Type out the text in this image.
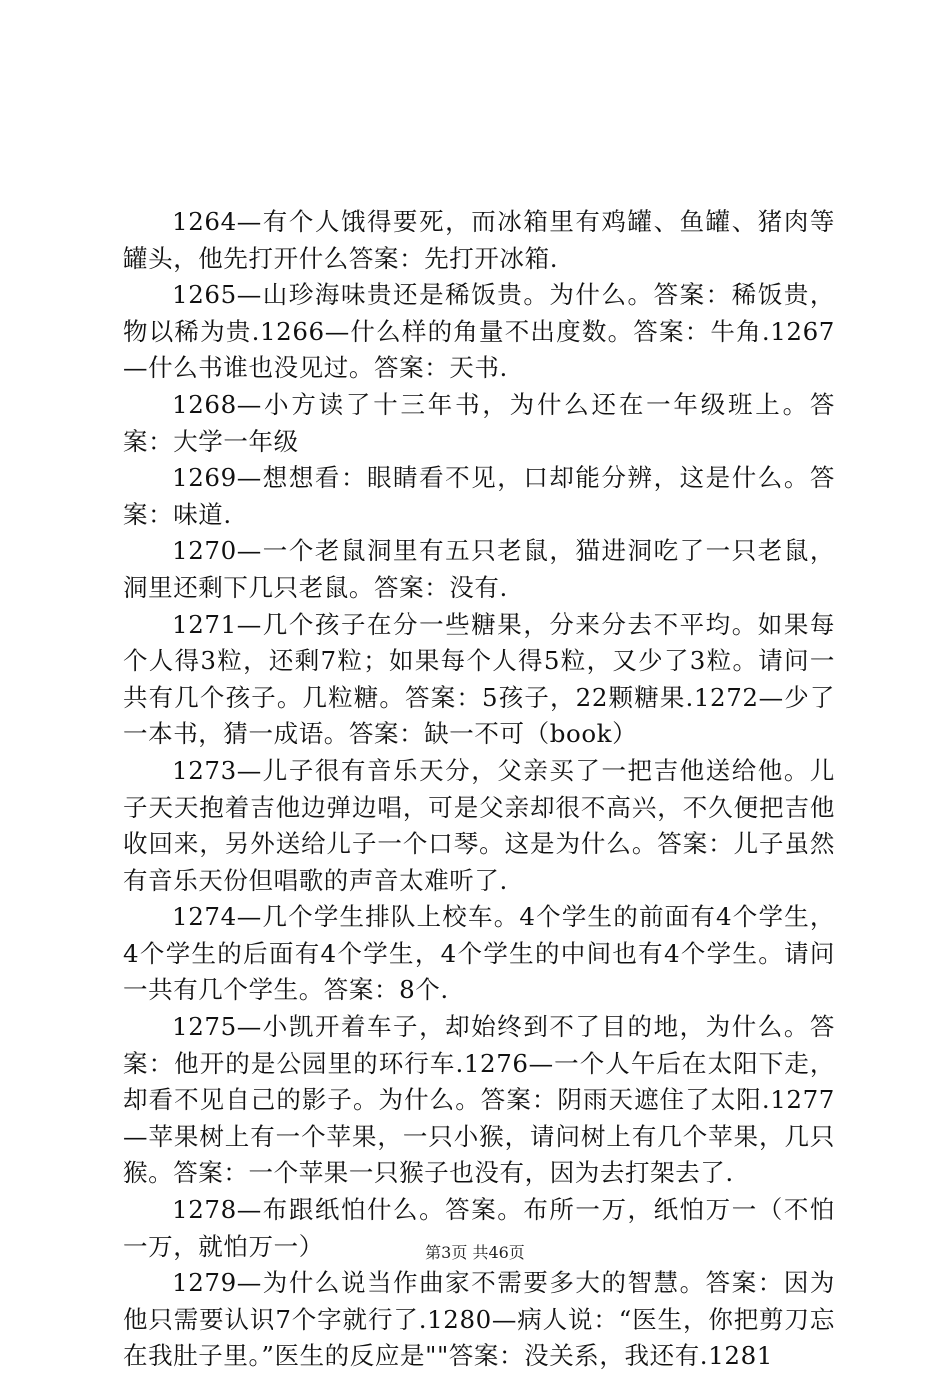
1264—有个人饿得要死，而冰箱里有鸡罐、鱼罐、猪肉等罐头，他先打开什么答案：先打开冰箱.

1265—山珍海味贵还是稀饭贵。为什么。答案：稀饭贵，物以稀为贵.1266—什么样的角量不出度数。答案：牛角.1267—什么书谁也没见过。答案：天书.

1268—小方读了十三年书，为什么还在一年级班上。答案：大学一年级

1269—想想看：眼睛看不见，口却能分辨，这是什么。答案：味道.

1270—一个老鼠洞里有五只老鼠，猫进洞吃了一只老鼠，洞里还剩下几只老鼠。答案：没有.

1271—几个孩子在分一些糖果，分来分去不平均。如果每个人得3粒，还剩7粒；如果每个人得5粒，又少了3粒。请问一共有几个孩子。几粒糖。答案：5孩子，22颗糖果.1272—少了一本书，猜一成语。答案：缺一不可（book）

1273—儿子很有音乐天分，父亲买了一把吉他送给他。儿子天天抱着吉他边弹边唱，可是父亲却很不高兴，不久便把吉他收回来，另外送给儿子一个口琴。这是为什么。答案：儿子虽然有音乐天份但唱歌的声音太难听了.

1274—几个学生排队上校车。4个学生的前面有4个学生，4个学生的后面有4个学生，4个学生的中间也有4个学生。请问一共有几个学生。答案：8个.

1275—小凯开着车子，却始终到不了目的地，为什么。答案：他开的是公园里的环行车.1276—一个人午后在太阳下走，却看不见自己的影子。为什么。答案：阴雨天遮住了太阳.1277—苹果树上有一个苹果，一只小猴，请问树上有几个苹果，几只猴。答案：一个苹果一只猴子也没有，因为去打架去了.

1278—布跟纸怕什么。答案。布所一万，纸怕万一（不怕一万，就怕万一）

1279—为什么说当作曲家不需要多大的智慧。答案：因为他只需要认识7个字就行了.1280—病人说：“医生，你把剪刀忘在我肚子里。”医生的反应是""答案：没关系，我还有.1281

第3页 共46页
